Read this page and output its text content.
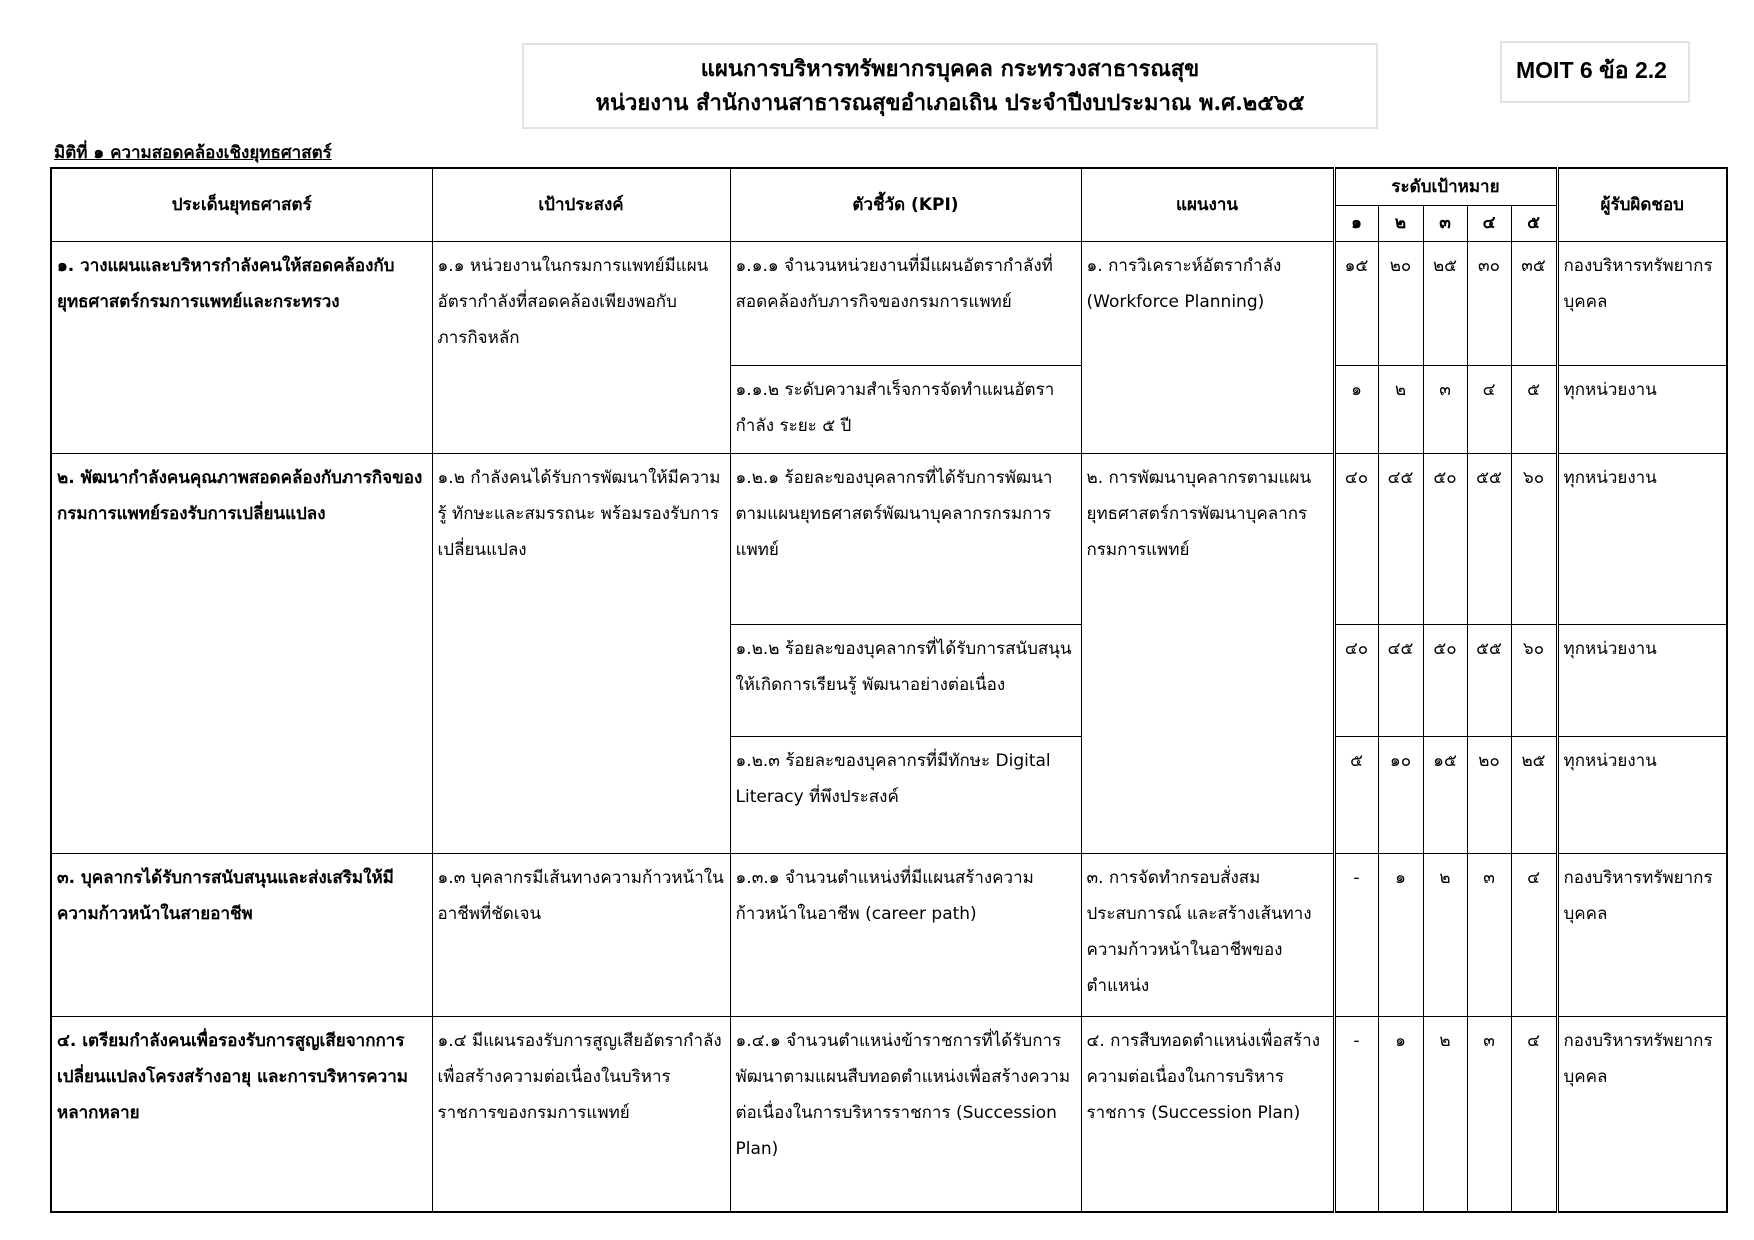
แผนการบริหารทรัพยากรบุคคล กระทรวงสาธารณสุข
หน่วยงาน สำนักงานสาธารณสุขอำเภอเถิน ประจำปีงบประมาณ พ.ศ.๒๕๖๕
MOIT 6 ข้อ 2.2
มิติที่ ๑ ความสอดคล้องเชิงยุทธศาสตร์
ประเด็นยุทธศาสตร์	เป้าประสงค์	ตัวชี้วัด (KPI)	แผนงาน	ระดับเป้าหมาย					ผู้รับผิดชอบ
				๑	๒	๓	๔	๕	
๑. วางแผนและบริหารกำลังคนให้สอดคล้องกับยุทธศาสตร์กรมการแพทย์และกระทรวง	๑.๑ หน่วยงานในกรมการแพทย์มีแผนอัตรากำลังที่สอดคล้องเพียงพอกับภารกิจหลัก	๑.๑.๑ จำนวนหน่วยงานที่มีแผนอัตรากำลังที่สอดคล้องกับภารกิจของกรมการแพทย์	๑. การวิเคราะห์อัตรากำลัง (Workforce Planning)	๑๕	๒๐	๒๕	๓๐	๓๕	กองบริหารทรัพยากรบุคคล
		๑.๑.๒ ระดับความสำเร็จการจัดทำแผนอัตรากำลัง ระยะ ๕ ปี		๑	๒	๓	๔	๕	ทุกหน่วยงาน
๒. พัฒนากำลังคนคุณภาพสอดคล้องกับภารกิจของกรมการแพทย์รองรับการเปลี่ยนแปลง	๑.๒ กำลังคนได้รับการพัฒนาให้มีความรู้ ทักษะและสมรรถนะ พร้อมรองรับการเปลี่ยนแปลง	๑.๒.๑ ร้อยละของบุคลากรที่ได้รับการพัฒนาตามแผนยุทธศาสตร์พัฒนาบุคลากรกรมการแพทย์	๒. การพัฒนาบุคลากรตามแผนยุทธศาสตร์การพัฒนาบุคลากรกรมการแพทย์	๔๐	๔๕	๕๐	๕๕	๖๐	ทุกหน่วยงาน
		๑.๒.๒ ร้อยละของบุคลากรที่ได้รับการสนับสนุนให้เกิดการเรียนรู้ พัฒนาอย่างต่อเนื่อง		๔๐	๔๕	๕๐	๕๕	๖๐	ทุกหน่วยงาน
		๑.๒.๓ ร้อยละของบุคลากรที่มีทักษะ Digital Literacy ที่พึงประสงค์		๕	๑๐	๑๕	๒๐	๒๕	ทุกหน่วยงาน
๓. บุคลากรได้รับการสนับสนุนและส่งเสริมให้มีความก้าวหน้าในสายอาชีพ	๑.๓ บุคลากรมีเส้นทางความก้าวหน้าในอาชีพที่ชัดเจน	๑.๓.๑ จำนวนตำแหน่งที่มีแผนสร้างความก้าวหน้าในอาชีพ (career path)	๓. การจัดทำกรอบสั่งสมประสบการณ์ และสร้างเส้นทางความก้าวหน้าในอาชีพของตำแหน่ง	-	๑	๒	๓	๔	กองบริหารทรัพยากรบุคคล
๔. เตรียมกำลังคนเพื่อรองรับการสูญเสียจากการเปลี่ยนแปลงโครงสร้างอายุ และการบริหารความหลากหลาย	๑.๔ มีแผนรองรับการสูญเสียอัตรากำลัง เพื่อสร้างความต่อเนื่องในบริหารราชการของกรมการแพทย์	๑.๔.๑ จำนวนตำแหน่งข้าราชการที่ได้รับการพัฒนาตามแผนสืบทอดตำแหน่งเพื่อสร้างความต่อเนื่องในการบริหารราชการ (Succession Plan)	๔. การสืบทอดตำแหน่งเพื่อสร้างความต่อเนื่องในการบริหารราชการ (Succession Plan)	-	๑	๒	๓	๔	กองบริหารทรัพยากรบุคคล
